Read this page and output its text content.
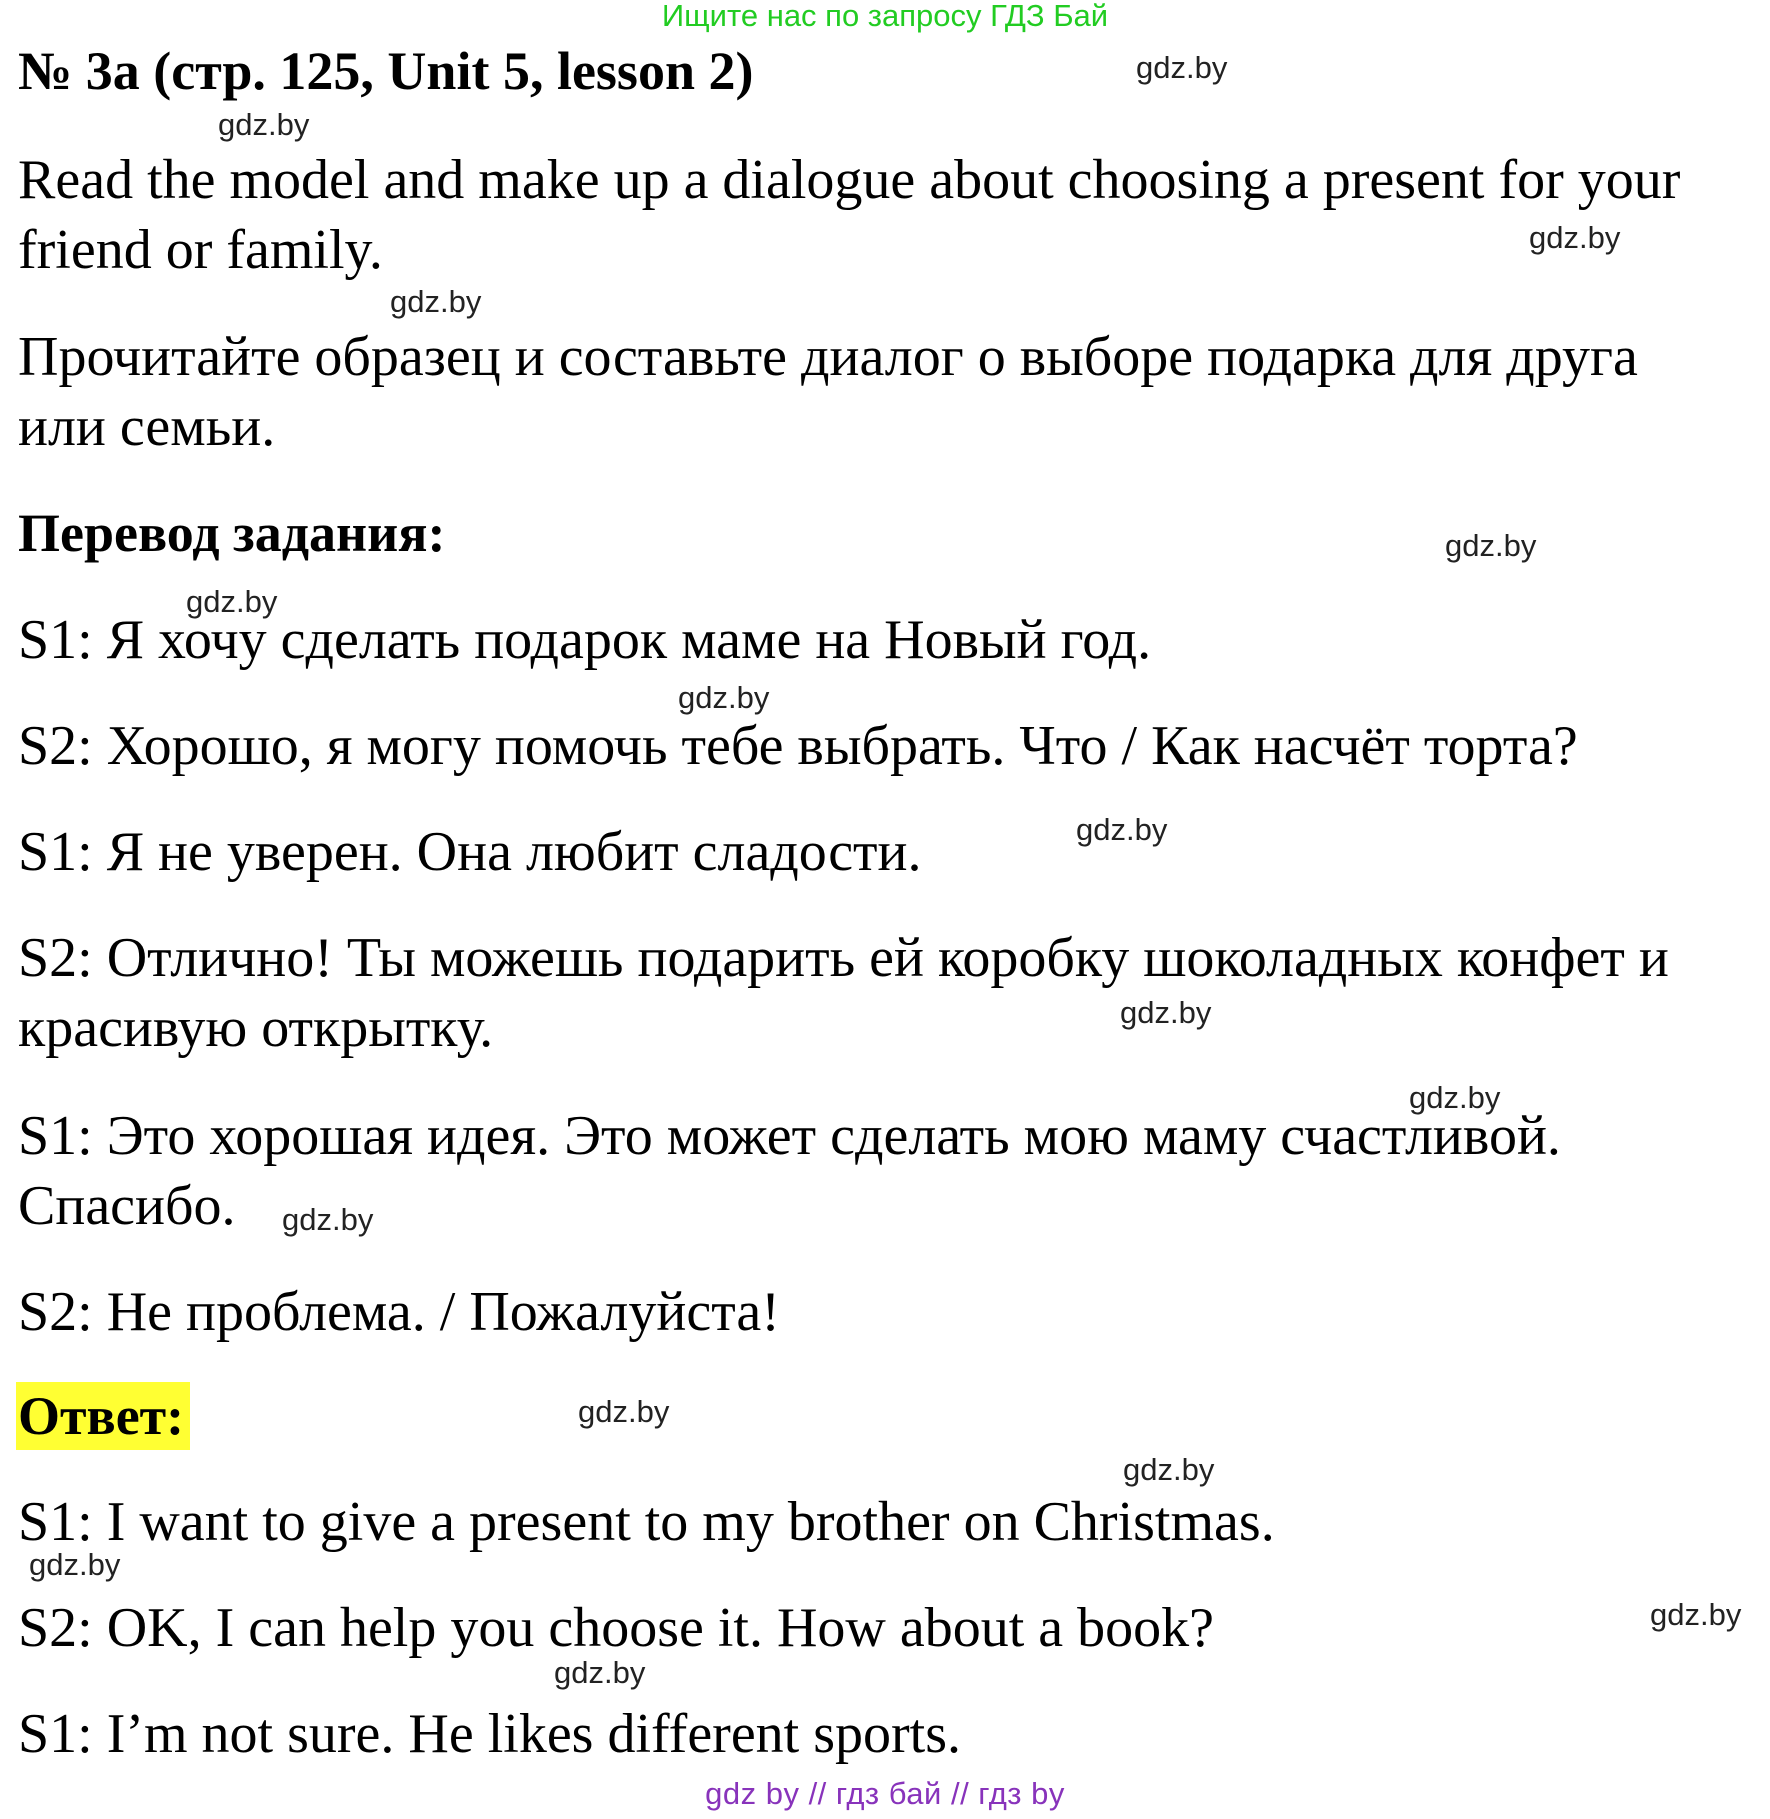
Ищите нас по запросу ГДЗ Бай
№ 3a (стр. 125, Unit 5, lesson 2)
Read the model and make up a dialogue about choosing a present for your
friend or family.
Прочитайте образец и составьте диалог о выборе подарка для друга
или семьи.
Перевод задания:
S1: Я хочу сделать подарок маме на Новый год.
S2: Хорошо, я могу помочь тебе выбрать. Что / Как насчёт торта?
S1: Я не уверен. Она любит сладости.
S2: Отлично! Ты можешь подарить ей коробку шоколадных конфет и
красивую открытку.
S1: Это хорошая идея. Это может сделать мою маму счастливой.
Спасибо.
S2: Не проблема. / Пожалуйста!
Ответ:
S1: I want to give a present to my brother on Christmas.
S2: OK, I can help you choose it. How about a book?
S1: I’m not sure. He likes different sports.
gdz.by
gdz.by
gdz.by
gdz.by
gdz.by
gdz.by
gdz.by
gdz.by
gdz.by
gdz.by
gdz.by
gdz.by
gdz.by
gdz.by
gdz.by
gdz.by
gdz by // гдз бай // гдз by
